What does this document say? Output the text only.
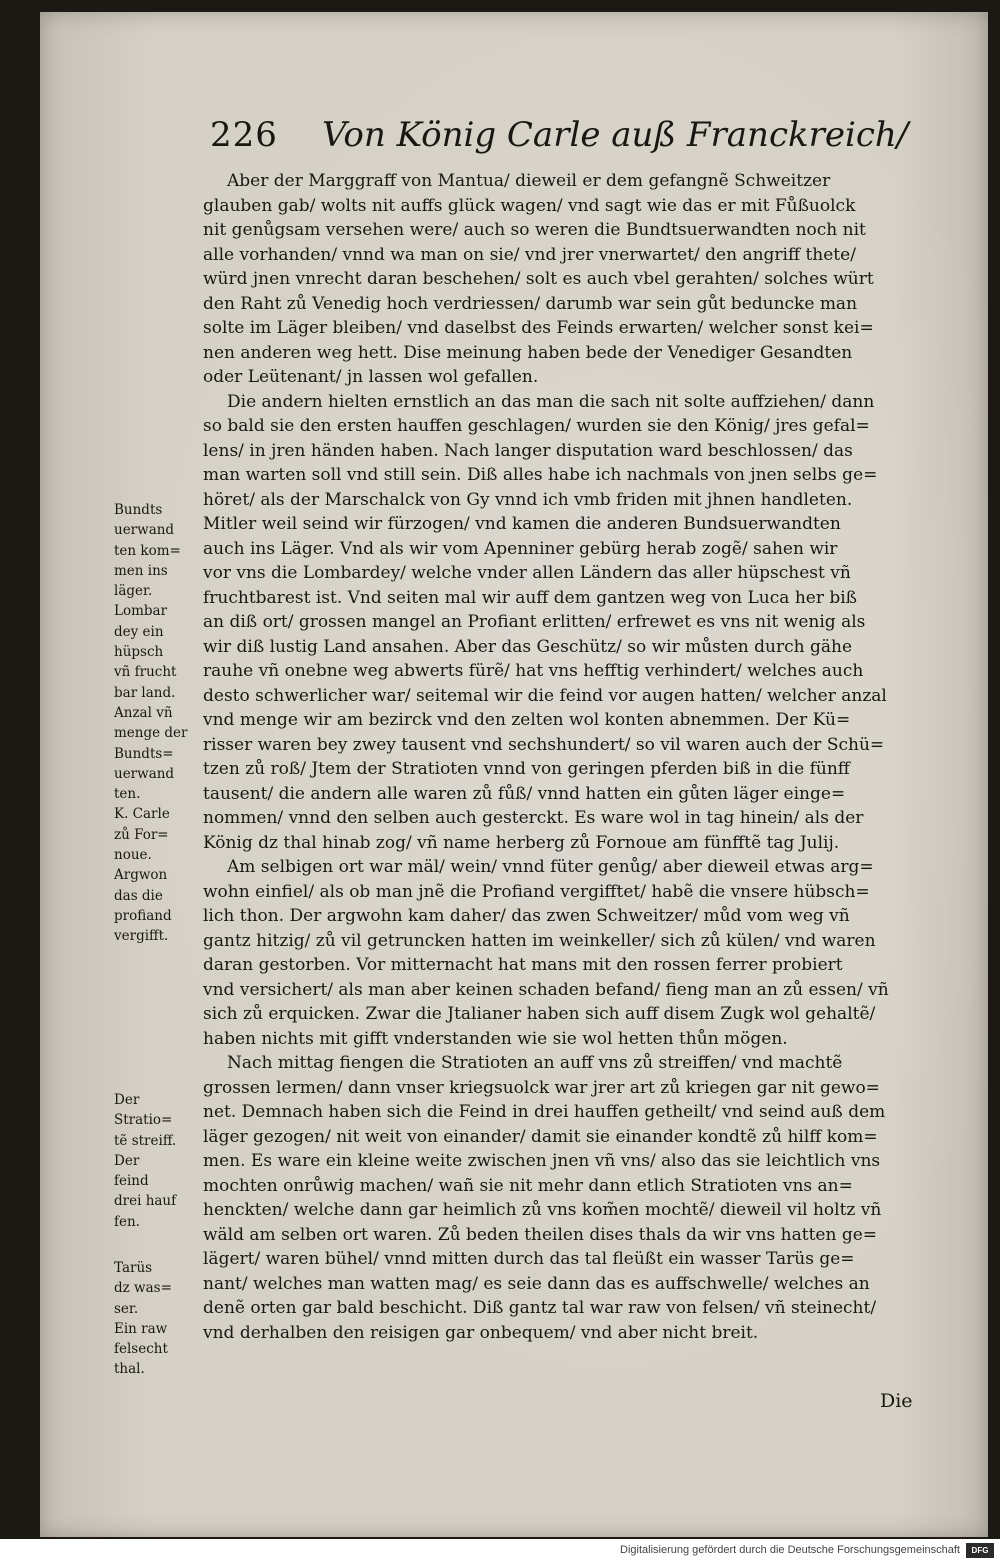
226 Von König Carle auß Franckreich/
Aber der Marggraff von Mantua/ dieweil er dem gefangnẽ Schweitzer
glauben gab/ wolts nit auffs glück wagen/ vnd sagt wie das er mit Fůßuolck
nit genůgsam versehen were/ auch so weren die Bundtsuerwandten noch nit
alle vorhanden/ vnnd wa man on sie/ vnd jrer vnerwartet/ den angriff thete/
würd jnen vnrecht daran beschehen/ solt es auch vbel gerahten/ solches würt
den Raht zů Venedig hoch verdriessen/ darumb war sein gůt beduncke man
solte im Läger bleiben/ vnd daselbst des Feinds erwarten/ welcher sonst kei=
nen anderen weg hett. Dise meinung haben bede der Venediger Gesandten
oder Leütenant/ jn lassen wol gefallen.
Die andern hielten ernstlich an das man die sach nit solte auffziehen/ dann
so bald sie den ersten hauffen geschlagen/ wurden sie den König/ jres gefal=
lens/ in jren händen haben. Nach langer disputation ward beschlossen/ das
man warten soll vnd still sein. Diß alles habe ich nachmals von jnen selbs ge=
höret/ als der Marschalck von Gy vnnd ich vmb friden mit jhnen handleten.
Mitler weil seind wir fürzogen/ vnd kamen die anderen Bundsuerwandten
auch ins Läger. Vnd als wir vom Apenniner gebürg herab zogẽ/ sahen wir
vor vns die Lombardey/ welche vnder allen Ländern das aller hüpschest vñ
fruchtbarest ist. Vnd seiten mal wir auff dem gantzen weg von Luca her biß
an diß ort/ grossen mangel an Profiant erlitten/ erfrewet es vns nit wenig als
wir diß lustig Land ansahen. Aber das Geschütz/ so wir můsten durch gähe
rauhe vñ onebne weg abwerts fürẽ/ hat vns hefftig verhindert/ welches auch
desto schwerlicher war/ seitemal wir die feind vor augen hatten/ welcher anzal
vnd menge wir am bezirck vnd den zelten wol konten abnemmen. Der Kü=
risser waren bey zwey tausent vnd sechshundert/ so vil waren auch der Schü=
tzen zů roß/ Jtem der Stratioten vnnd von geringen pferden biß in die fünff
tausent/ die andern alle waren zů fůß/ vnnd hatten ein gůten läger einge=
nommen/ vnnd den selben auch gesterckt. Es ware wol in tag hinein/ als der
König dz thal hinab zog/ vñ name herberg zů Fornoue am fünfftẽ tag Julij.
Am selbigen ort war mäl/ wein/ vnnd füter genůg/ aber dieweil etwas arg=
wohn einfiel/ als ob man jnẽ die Profiand vergifftet/ habẽ die vnsere hübsch=
lich thon. Der argwohn kam daher/ das zwen Schweitzer/ můd vom weg vñ
gantz hitzig/ zů vil getruncken hatten im weinkeller/ sich zů külen/ vnd waren
daran gestorben. Vor mitternacht hat mans mit den rossen ferrer probiert
vnd versichert/ als man aber keinen schaden befand/ fieng man an zů essen/ vñ
sich zů erquicken. Zwar die Jtalianer haben sich auff disem Zugk wol gehaltẽ/
haben nichts mit gifft vnderstanden wie sie wol hetten thůn mögen.
Nach mittag fiengen die Stratioten an auff vns zů streiffen/ vnd machtẽ
grossen lermen/ dann vnser kriegsuolck war jrer art zů kriegen gar nit gewo=
net. Demnach haben sich die Feind in drei hauffen getheilt/ vnd seind auß dem
läger gezogen/ nit weit von einander/ damit sie einander kondtẽ zů hilff kom=
men. Es ware ein kleine weite zwischen jnen vñ vns/ also das sie leichtlich vns
mochten onrůwig machen/ wañ sie nit mehr dann etlich Stratioten vns an=
henckten/ welche dann gar heimlich zů vns kom̃en mochtẽ/ dieweil vil holtz vñ
wäld am selben ort waren. Zů beden theilen dises thals da wir vns hatten ge=
lägert/ waren bühel/ vnnd mitten durch das tal fleüßt ein wasser Tarüs ge=
nant/ welches man watten mag/ es seie dann das es auffschwelle/ welches an
denẽ orten gar bald beschicht. Diß gantz tal war raw von felsen/ vñ steinecht/
vnd derhalben den reisigen gar onbequem/ vnd aber nicht breit.
Bundts
uerwand
ten kom=
men ins
läger.
Lombar
dey ein
hüpsch
vñ frucht
bar land.
Anzal vñ
menge der
Bundts=
uerwand
ten.
K. Carle
zů For=
noue.
Argwon
das die
profiand
vergifft.
Der
Stratio=
tẽ streiff.
Der
feind
drei hauf
fen.
Tarüs
dz was=
ser.
Ein raw
felsecht
thal.
Die
Digitalisierung gefördert durch die Deutsche Forschungsgemeinschaft	DFG
